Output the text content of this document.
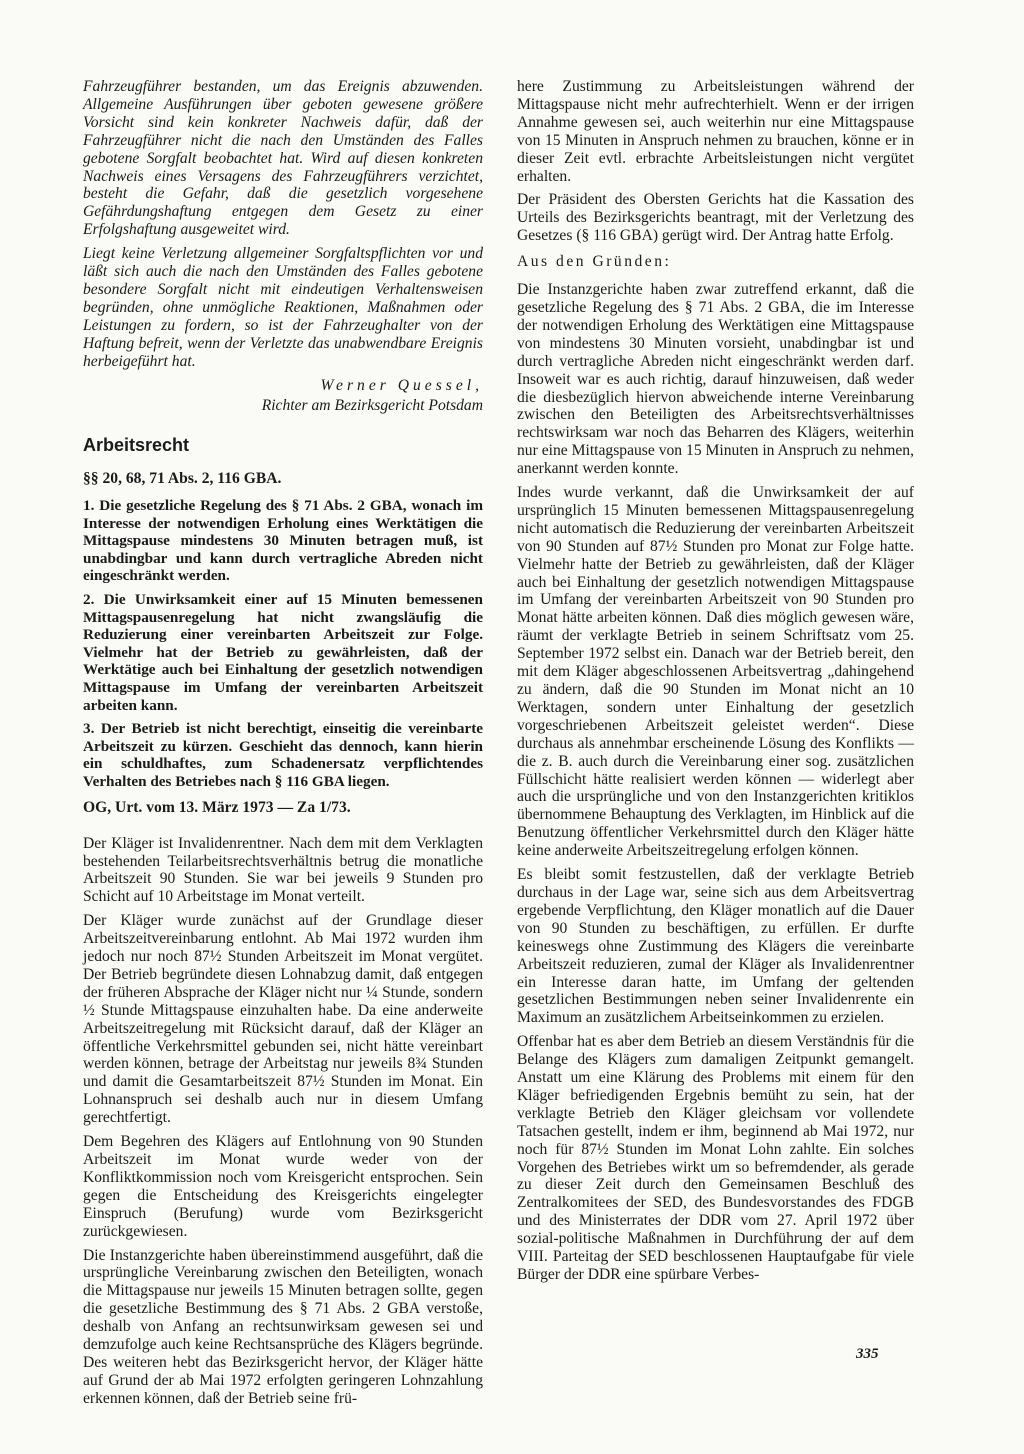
Fahrzeugführer bestanden, um das Ereignis abzuwenden. Allgemeine Ausführungen über geboten gewesene größere Vorsicht sind kein konkreter Nachweis dafür, daß der Fahrzeugführer nicht die nach den Umständen des Falles gebotene Sorgfalt beobachtet hat. Wird auf diesen konkreten Nachweis eines Versagens des Fahrzeugführers verzichtet, besteht die Gefahr, daß die gesetzlich vorgesehene Gefährdungshaftung entgegen dem Gesetz zu einer Erfolgshaftung ausgeweitet wird.

Liegt keine Verletzung allgemeiner Sorgfaltspflichten vor und läßt sich auch die nach den Umständen des Falles gebotene besondere Sorgfalt nicht mit eindeutigen Verhaltensweisen begründen, ohne unmögliche Reaktionen, Maßnahmen oder Leistungen zu fordern, so ist der Fahrzeughalter von der Haftung befreit, wenn der Verletzte das unabwendbare Ereignis herbeigeführt hat.

Werner Quessel,

Richter am Bezirksgericht Potsdam

Arbeitsrecht

§§ 20, 68, 71 Abs. 2, 116 GBA.

1. Die gesetzliche Regelung des § 71 Abs. 2 GBA, wonach im Interesse der notwendigen Erholung eines Werktätigen die Mittagspause mindestens 30 Minuten betragen muß, ist unabdingbar und kann durch vertragliche Abreden nicht eingeschränkt werden.

2. Die Unwirksamkeit einer auf 15 Minuten bemessenen Mittagspausenregelung hat nicht zwangsläufig die Reduzierung einer vereinbarten Arbeitszeit zur Folge. Vielmehr hat der Betrieb zu gewährleisten, daß der Werktätige auch bei Einhaltung der gesetzlich notwendigen Mittagspause im Umfang der vereinbarten Arbeitszeit arbeiten kann.

3. Der Betrieb ist nicht berechtigt, einseitig die vereinbarte Arbeitszeit zu kürzen. Geschieht das dennoch, kann hierin ein schuldhaftes, zum Schadenersatz verpflichtendes Verhalten des Betriebes nach § 116 GBA liegen.

OG, Urt. vom 13. März 1973 — Za 1/73.

Der Kläger ist Invalidenrentner. Nach dem mit dem Verklagten bestehenden Teilarbeitsrechtsverhältnis betrug die monatliche Arbeitszeit 90 Stunden. Sie war bei jeweils 9 Stunden pro Schicht auf 10 Arbeitstage im Monat verteilt.

Der Kläger wurde zunächst auf der Grundlage dieser Arbeitszeitvereinbarung entlohnt. Ab Mai 1972 wurden ihm jedoch nur noch 87½ Stunden Arbeitszeit im Monat vergütet. Der Betrieb begründete diesen Lohnabzug damit, daß entgegen der früheren Absprache der Kläger nicht nur ¼ Stunde, sondern ½ Stunde Mittagspause einzuhalten habe. Da eine anderweite Arbeitszeitregelung mit Rücksicht darauf, daß der Kläger an öffentliche Verkehrsmittel gebunden sei, nicht hätte vereinbart werden können, betrage der Arbeitstag nur jeweils 8¾ Stunden und damit die Gesamtarbeitszeit 87½ Stunden im Monat. Ein Lohnanspruch sei deshalb auch nur in diesem Umfang gerechtfertigt.

Dem Begehren des Klägers auf Entlohnung von 90 Stunden Arbeitszeit im Monat wurde weder von der Konfliktkommission noch vom Kreisgericht entsprochen. Sein gegen die Entscheidung des Kreisgerichts eingelegter Einspruch (Berufung) wurde vom Bezirksgericht zurückgewiesen.

Die Instanzgerichte haben übereinstimmend ausgeführt, daß die ursprüngliche Vereinbarung zwischen den Beteiligten, wonach die Mittagspause nur jeweils 15 Minuten betragen sollte, gegen die gesetzliche Bestimmung des § 71 Abs. 2 GBA verstoße, deshalb von Anfang an rechtsunwirksam gewesen sei und demzufolge auch keine Rechtsansprüche des Klägers begründe. Des weiteren hebt das Bezirksgericht hervor, der Kläger hätte auf Grund der ab Mai 1972 erfolgten geringeren Lohnzahlung erkennen können, daß der Betrieb seine frü-

here Zustimmung zu Arbeitsleistungen während der Mittagspause nicht mehr aufrechterhielt. Wenn er der irrigen Annahme gewesen sei, auch weiterhin nur eine Mittagspause von 15 Minuten in Anspruch nehmen zu brauchen, könne er in dieser Zeit evtl. erbrachte Arbeitsleistungen nicht vergütet erhalten.

Der Präsident des Obersten Gerichts hat die Kassation des Urteils des Bezirksgerichts beantragt, mit der Verletzung des Gesetzes (§ 116 GBA) gerügt wird. Der Antrag hatte Erfolg.

Aus den Gründen:

Die Instanzgerichte haben zwar zutreffend erkannt, daß die gesetzliche Regelung des § 71 Abs. 2 GBA, die im Interesse der notwendigen Erholung des Werktätigen eine Mittagspause von mindestens 30 Minuten vorsieht, unabdingbar ist und durch vertragliche Abreden nicht eingeschränkt werden darf. Insoweit war es auch richtig, darauf hinzuweisen, daß weder die diesbezüglich hiervon abweichende interne Vereinbarung zwischen den Beteiligten des Arbeitsrechtsverhältnisses rechtswirksam war noch das Beharren des Klägers, weiterhin nur eine Mittagspause von 15 Minuten in Anspruch zu nehmen, anerkannt werden konnte.

Indes wurde verkannt, daß die Unwirksamkeit der auf ursprünglich 15 Minuten bemessenen Mittagspausenregelung nicht automatisch die Reduzierung der vereinbarten Arbeitszeit von 90 Stunden auf 87½ Stunden pro Monat zur Folge hatte. Vielmehr hatte der Betrieb zu gewährleisten, daß der Kläger auch bei Einhaltung der gesetzlich notwendigen Mittagspause im Umfang der vereinbarten Arbeitszeit von 90 Stunden pro Monat hätte arbeiten können. Daß dies möglich gewesen wäre, räumt der verklagte Betrieb in seinem Schriftsatz vom 25. September 1972 selbst ein. Danach war der Betrieb bereit, den mit dem Kläger abgeschlossenen Arbeitsvertrag „dahingehend zu ändern, daß die 90 Stunden im Monat nicht an 10 Werktagen, sondern unter Einhaltung der gesetzlich vorgeschriebenen Arbeitszeit geleistet werden“. Diese durchaus als annehmbar erscheinende Lösung des Konflikts — die z. B. auch durch die Vereinbarung einer sog. zusätzlichen Füllschicht hätte realisiert werden können — widerlegt aber auch die ursprüngliche und von den Instanzgerichten kritiklos übernommene Behauptung des Verklagten, im Hinblick auf die Benutzung öffentlicher Verkehrsmittel durch den Kläger hätte keine anderweite Arbeitszeitregelung erfolgen können.

Es bleibt somit festzustellen, daß der verklagte Betrieb durchaus in der Lage war, seine sich aus dem Arbeitsvertrag ergebende Verpflichtung, den Kläger monatlich auf die Dauer von 90 Stunden zu beschäftigen, zu erfüllen. Er durfte keineswegs ohne Zustimmung des Klägers die vereinbarte Arbeitszeit reduzieren, zumal der Kläger als Invalidenrentner ein Interesse daran hatte, im Umfang der geltenden gesetzlichen Bestimmungen neben seiner Invalidenrente ein Maximum an zusätzlichem Arbeitseinkommen zu erzielen.

Offenbar hat es aber dem Betrieb an diesem Verständnis für die Belange des Klägers zum damaligen Zeitpunkt gemangelt. Anstatt um eine Klärung des Problems mit einem für den Kläger befriedigenden Ergebnis bemüht zu sein, hat der verklagte Betrieb den Kläger gleichsam vor vollendete Tatsachen gestellt, indem er ihm, beginnend ab Mai 1972, nur noch für 87½ Stunden im Monat Lohn zahlte. Ein solches Vorgehen des Betriebes wirkt um so befremdender, als gerade zu dieser Zeit durch den Gemeinsamen Beschluß des Zentralkomitees der SED, des Bundesvorstandes des FDGB und des Ministerrates der DDR vom 27. April 1972 über sozial-politische Maßnahmen in Durchführung der auf dem VIII. Parteitag der SED beschlossenen Hauptaufgabe für viele Bürger der DDR eine spürbare Verbes-

335
